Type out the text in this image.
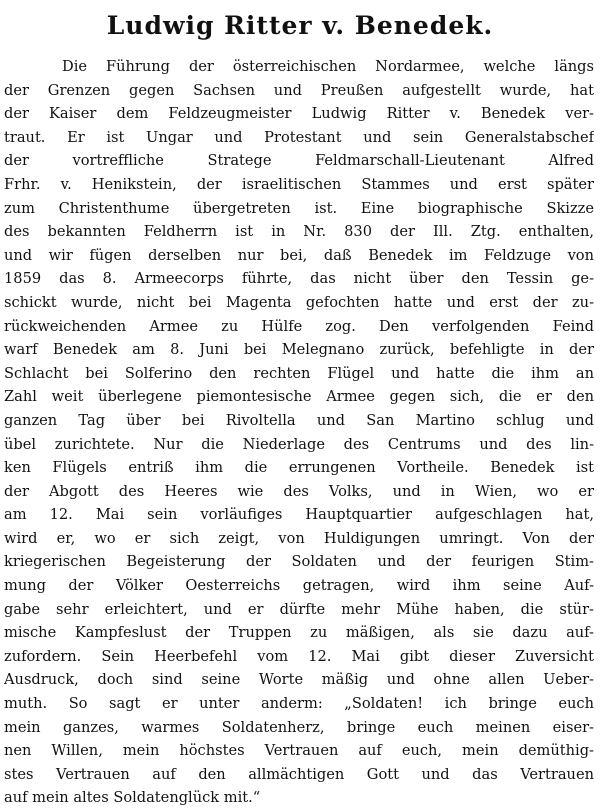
Ludwig Ritter v. Benedek.
Die Führung der österreichischen Nordarmee, welche längs
der Grenzen gegen Sachsen und Preußen aufgestellt wurde, hat
der Kaiser dem Feldzeugmeister Ludwig Ritter v. Benedek ver-
traut. Er ist Ungar und Protestant und sein Generalstabschef
der vortreffliche Stratege Feldmarschall-Lieutenant Alfred
Frhr. v. Henikstein, der israelitischen Stammes und erst später
zum Christenthume übergetreten ist. Eine biographische Skizze
des bekannten Feldherrn ist in Nr. 830 der Ill. Ztg. enthalten,
und wir fügen derselben nur bei, daß Benedek im Feldzuge von
1859 das 8. Armeecorps führte, das nicht über den Tessin ge-
schickt wurde, nicht bei Magenta gefochten hatte und erst der zu-
rückweichenden Armee zu Hülfe zog. Den verfolgenden Feind
warf Benedek am 8. Juni bei Melegnano zurück, befehligte in der
Schlacht bei Solferino den rechten Flügel und hatte die ihm an
Zahl weit überlegene piemontesische Armee gegen sich, die er den
ganzen Tag über bei Rivoltella und San Martino schlug und
übel zurichtete. Nur die Niederlage des Centrums und des lin-
ken Flügels entriß ihm die errungenen Vortheile. Benedek ist
der Abgott des Heeres wie des Volks, und in Wien, wo er
am 12. Mai sein vorläufiges Hauptquartier aufgeschlagen hat,
wird er, wo er sich zeigt, von Huldigungen umringt. Von der
kriegerischen Begeisterung der Soldaten und der feurigen Stim-
mung der Völker Oesterreichs getragen, wird ihm seine Auf-
gabe sehr erleichtert, und er dürfte mehr Mühe haben, die stür-
mische Kampfeslust der Truppen zu mäßigen, als sie dazu auf-
zufordern. Sein Heerbefehl vom 12. Mai gibt dieser Zuversicht
Ausdruck, doch sind seine Worte mäßig und ohne allen Ueber-
muth. So sagt er unter anderm: „Soldaten! ich bringe euch
mein ganzes, warmes Soldatenherz, bringe euch meinen eiser-
nen Willen, mein höchstes Vertrauen auf euch, mein demüthig-
stes Vertrauen auf den allmächtigen Gott und das Vertrauen
auf mein altes Soldatenglück mit.“
